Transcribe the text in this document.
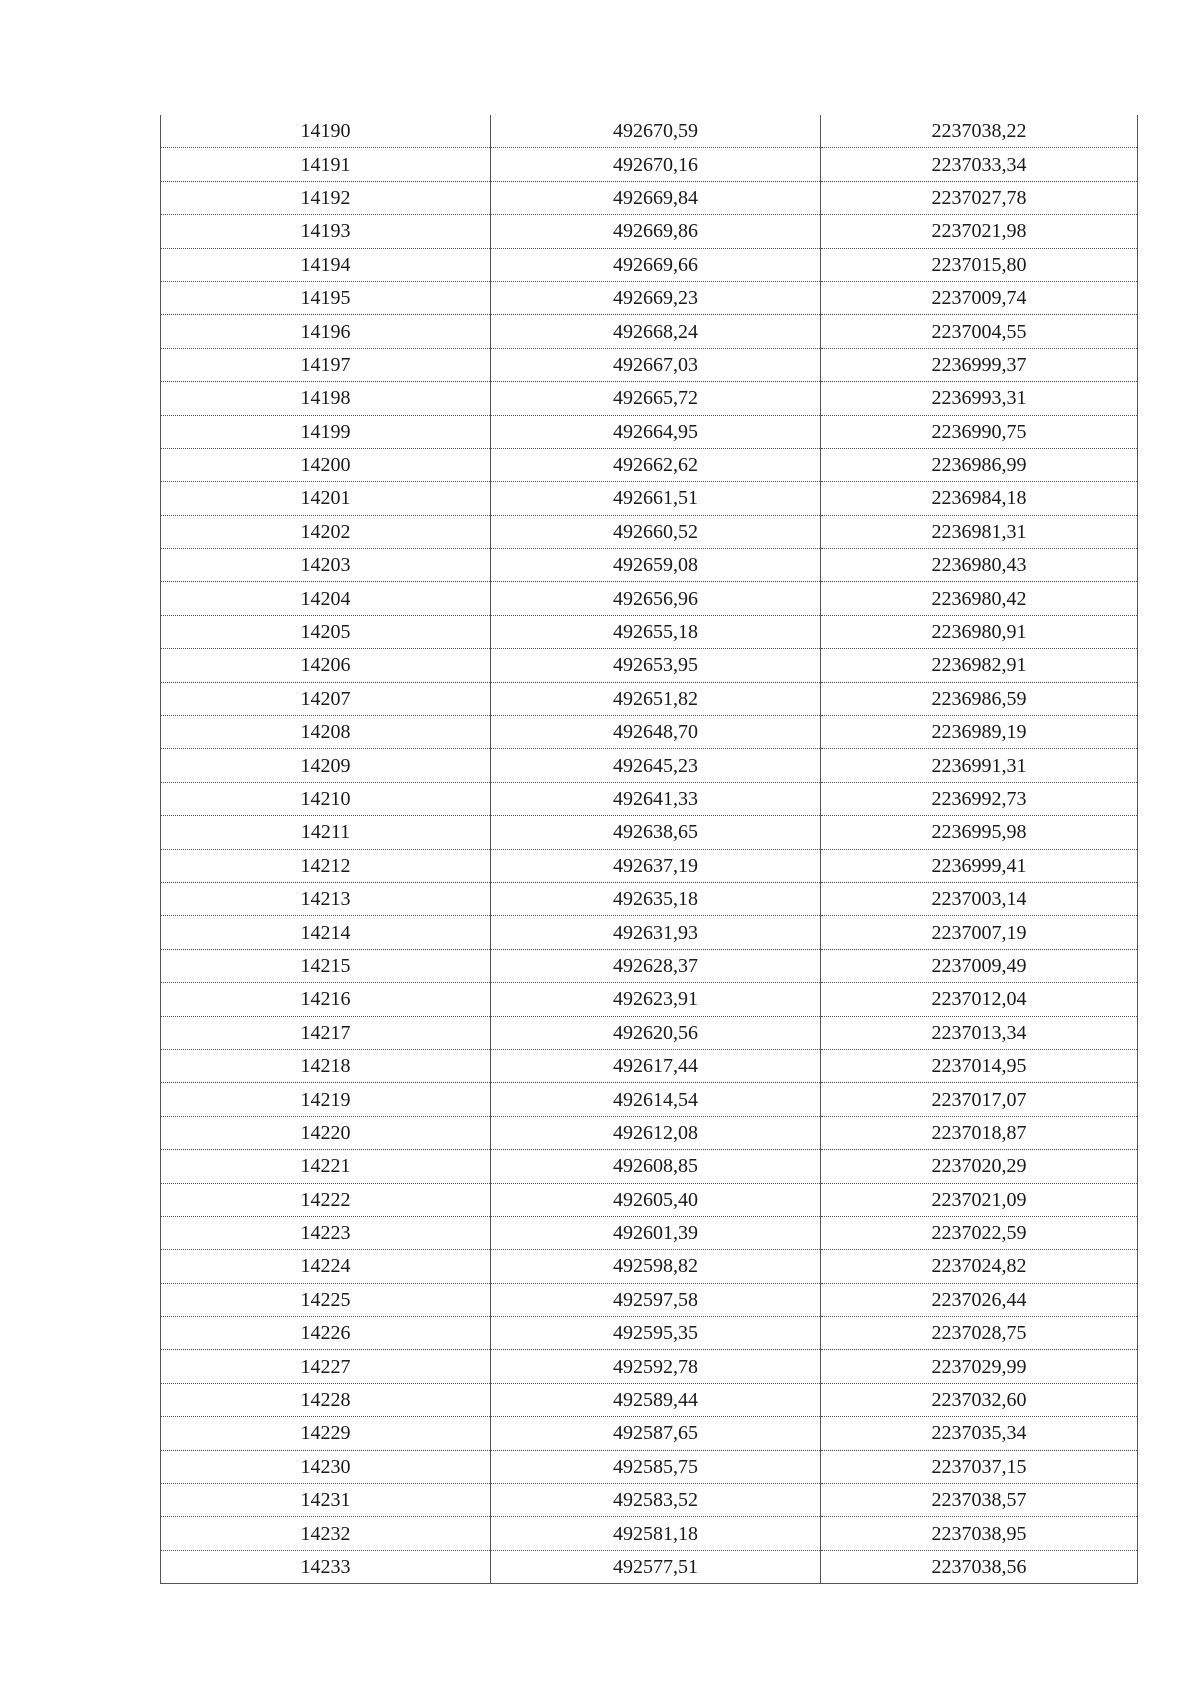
14190	492670,59	2237038,22
14191	492670,16	2237033,34
14192	492669,84	2237027,78
14193	492669,86	2237021,98
14194	492669,66	2237015,80
14195	492669,23	2237009,74
14196	492668,24	2237004,55
14197	492667,03	2236999,37
14198	492665,72	2236993,31
14199	492664,95	2236990,75
14200	492662,62	2236986,99
14201	492661,51	2236984,18
14202	492660,52	2236981,31
14203	492659,08	2236980,43
14204	492656,96	2236980,42
14205	492655,18	2236980,91
14206	492653,95	2236982,91
14207	492651,82	2236986,59
14208	492648,70	2236989,19
14209	492645,23	2236991,31
14210	492641,33	2236992,73
14211	492638,65	2236995,98
14212	492637,19	2236999,41
14213	492635,18	2237003,14
14214	492631,93	2237007,19
14215	492628,37	2237009,49
14216	492623,91	2237012,04
14217	492620,56	2237013,34
14218	492617,44	2237014,95
14219	492614,54	2237017,07
14220	492612,08	2237018,87
14221	492608,85	2237020,29
14222	492605,40	2237021,09
14223	492601,39	2237022,59
14224	492598,82	2237024,82
14225	492597,58	2237026,44
14226	492595,35	2237028,75
14227	492592,78	2237029,99
14228	492589,44	2237032,60
14229	492587,65	2237035,34
14230	492585,75	2237037,15
14231	492583,52	2237038,57
14232	492581,18	2237038,95
14233	492577,51	2237038,56
